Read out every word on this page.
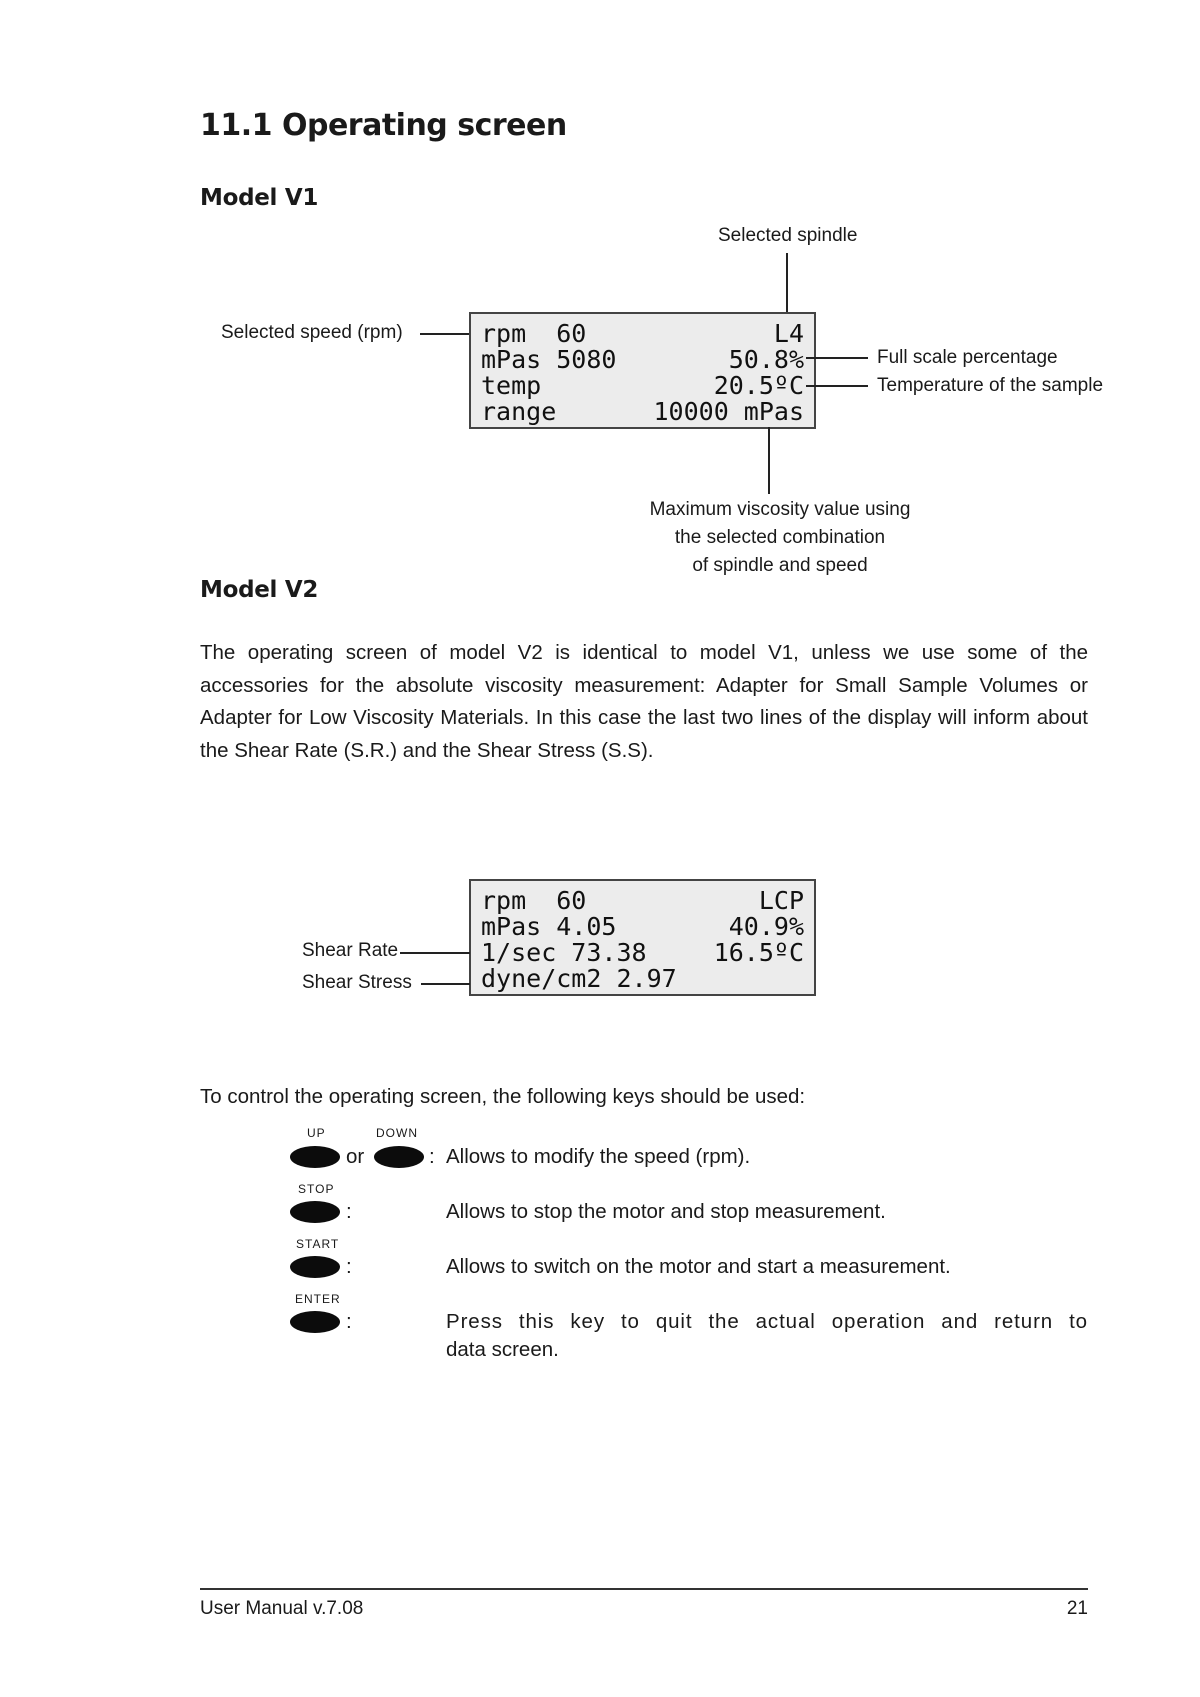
11.1 Operating screen
Model V1
Selected spindle
Selected speed (rpm)	rpm  60	L4
mPas 5080	50.8%
temp	20.5ºC
range	10000 mPas
Full scale percentage
Temperature of the sample
Maximum viscosity value using
the selected combination
of spindle and speed
Model V2
The operating screen of model V2 is identical to model V1, unless we use some of the accessories for the absolute viscosity measurement: Adapter for Small Sample Volumes or Adapter for Low Viscosity Materials. In this case the last two lines of the display will inform about the Shear Rate (S.R.) and the Shear Stress (S.S).
rpm  60	LCP
mPas 4.05	40.9%
1/sec 73.38	16.5ºC
dyne/cm2 2.97
Shear Rate
Shear Stress
To control the operating screen, the following keys should be used:
UP	DOWN
or	: Allows to modify the speed (rpm).
STOP
:	Allows to stop the motor and stop measurement.
START
:	Allows to switch on the motor and start a measurement.
ENTER
:	Press this key to quit the actual operation and return to
data screen.
User Manual v.7.08	21
